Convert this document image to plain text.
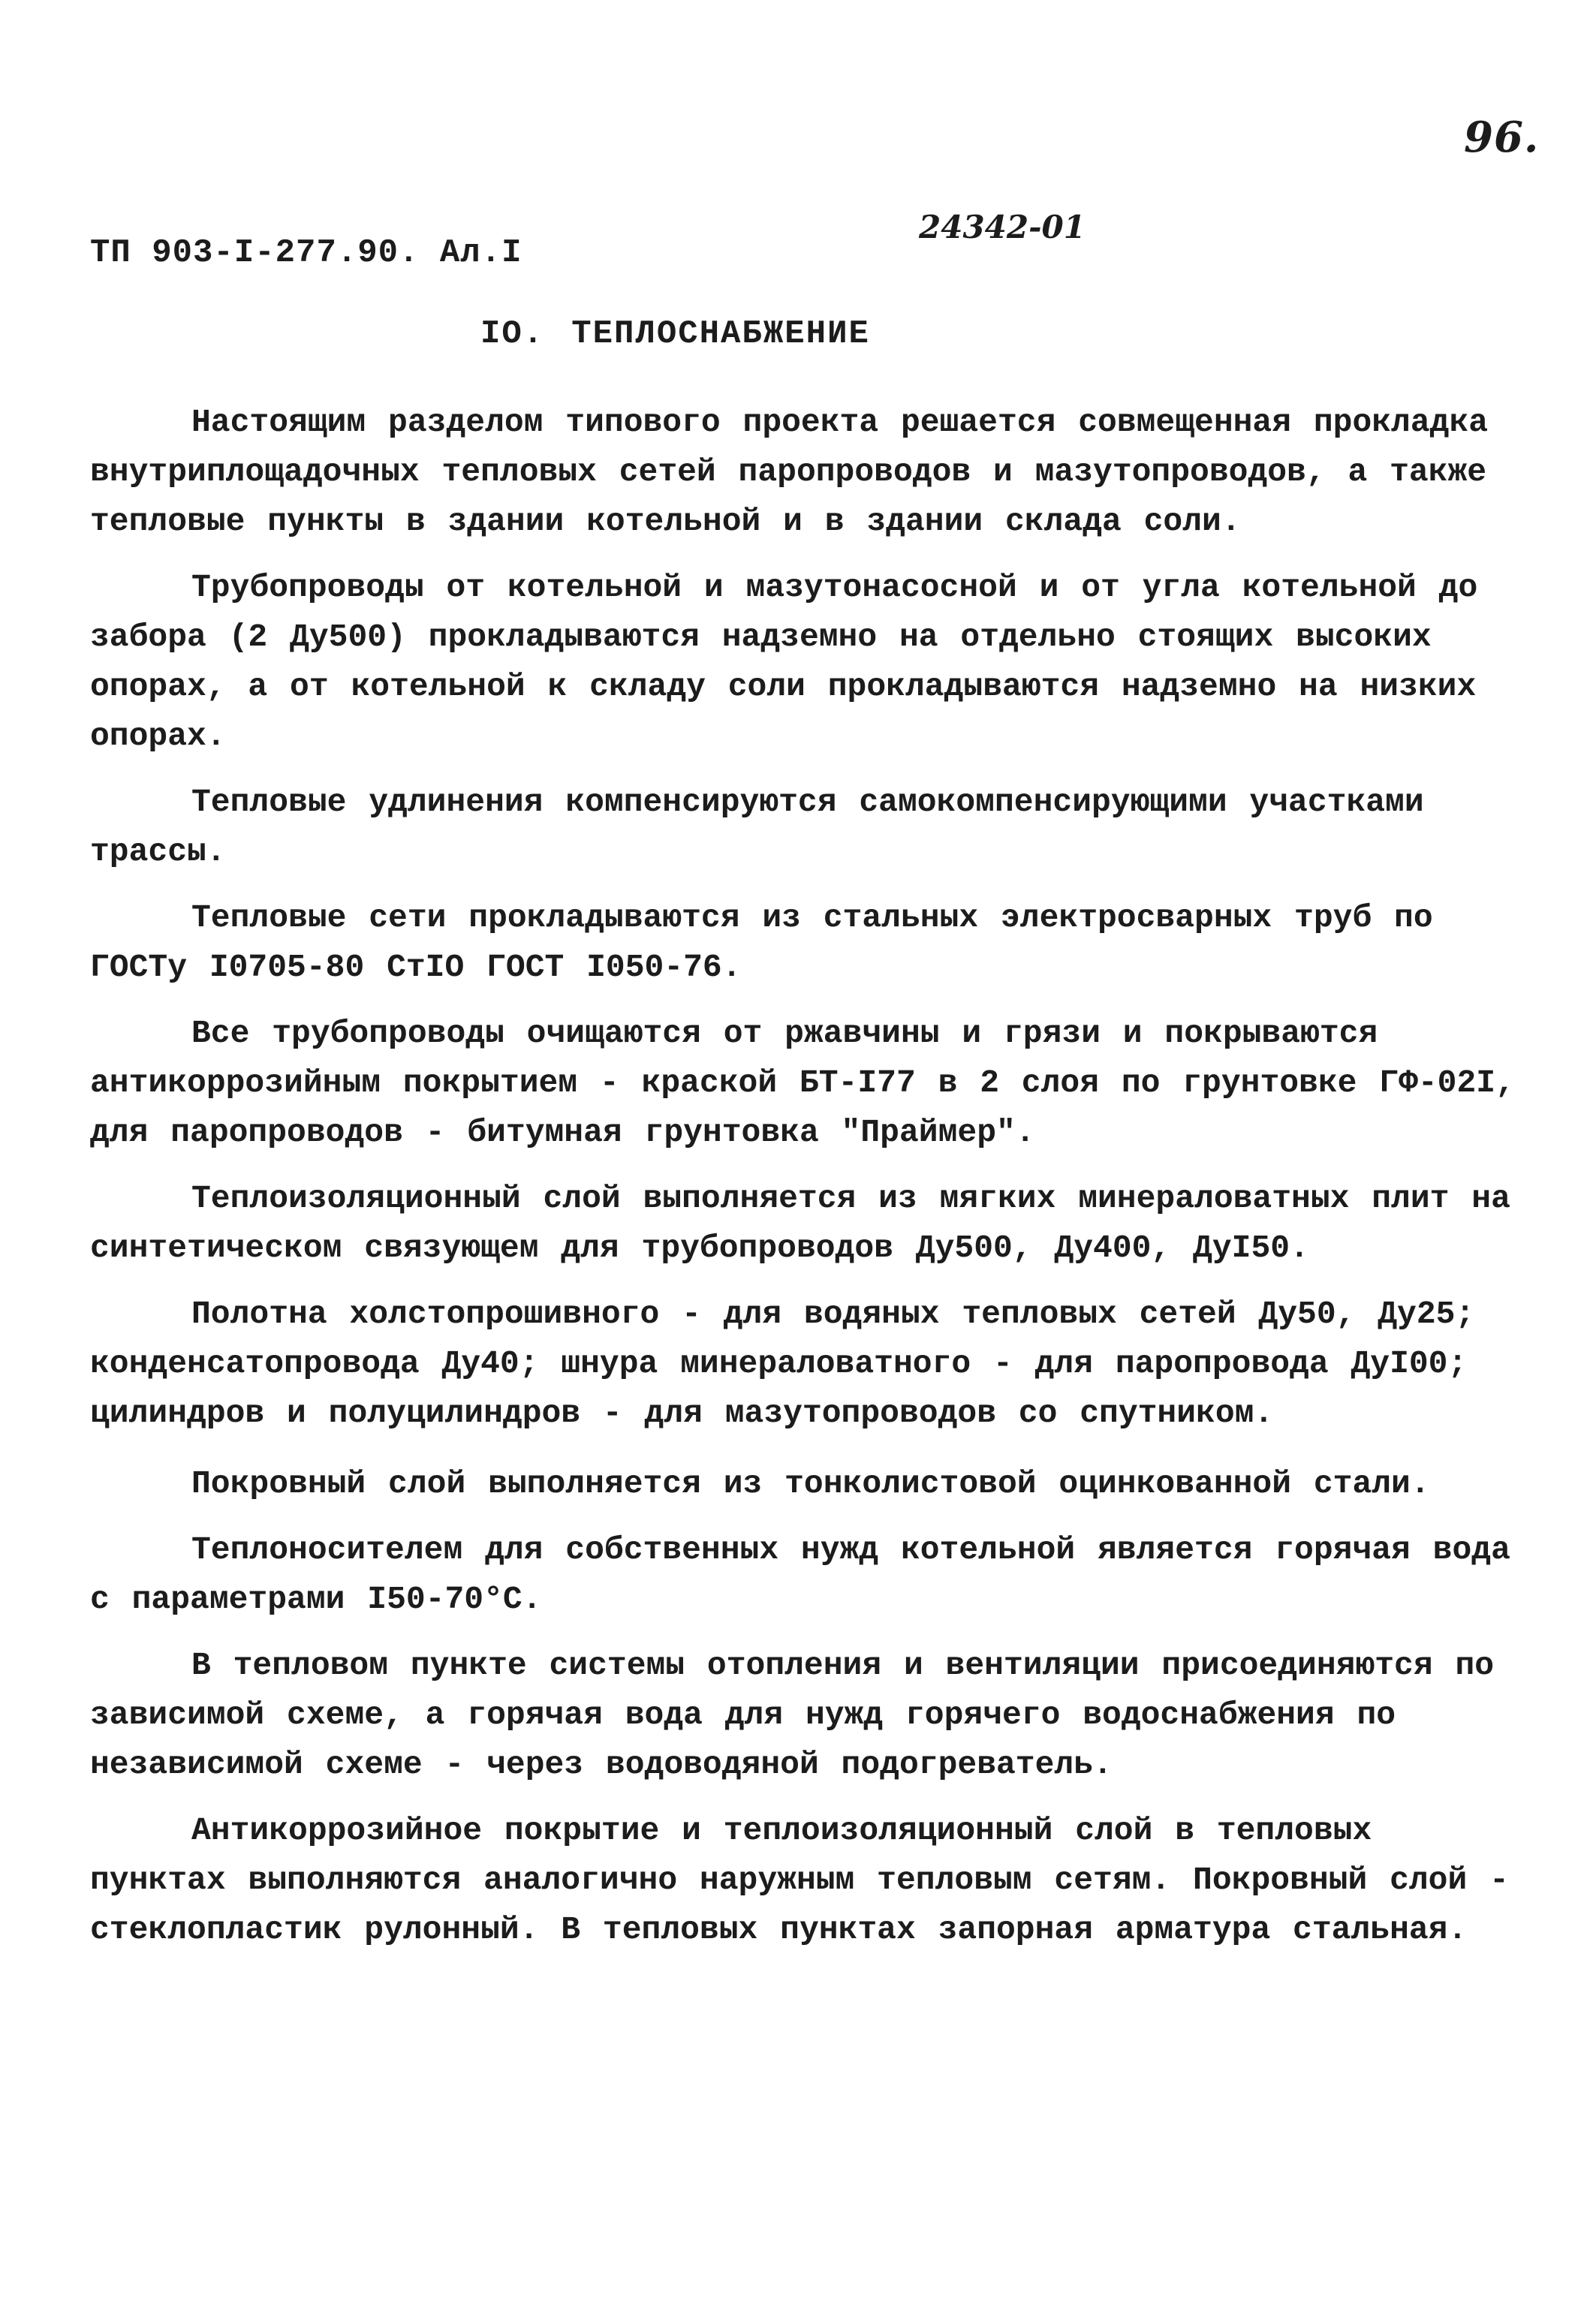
96.
ТП 903-I-277.90. Ал.I
24342-01
IO. ТЕПЛОСНАБЖЕНИЕ

Настоящим разделом типового проекта решается совмещенная прокладка внутриплощадочных тепловых сетей паропроводов и мазутопроводов, а также тепловые пункты в здании котельной и в здании склада соли.

Трубопроводы от котельной и мазутонасосной и от угла котельной до забора (2 Ду500) прокладываются надземно на отдельно стоящих высоких опорах, а от котельной к складу соли прокладываются надземно на низких опорах.

Тепловые удлинения компенсируются самокомпенсирующими участками трассы.

Тепловые сети прокладываются из стальных электросварных труб по ГОСТу I0705-80 СтIO ГОСТ I050-76.

Все трубопроводы очищаются от ржавчины и грязи и покрываются антикоррозийным покрытием - краской БТ-I77 в 2 слоя по грунтовке ГФ-02I, для паропроводов - битумная грунтовка "Праймер".

Теплоизоляционный слой выполняется из мягких минераловатных плит на синтетическом связующем для трубопроводов Ду500, Ду400, ДуI50.

Полотна холстопрошивного - для водяных тепловых сетей Ду50, Ду25; конденсатопровода Ду40; шнура минераловатного - для паропровода ДуI00; цилиндров и полуцилиндров - для мазутопроводов со спутником.

Покровный слой выполняется из тонколистовой оцинкованной стали.

Теплоносителем для собственных нужд котельной является горячая вода с параметрами I50-70°С.

В тепловом пункте системы отопления и вентиляции присоединяются по зависимой схеме, а горячая вода для нужд горячего водоснабжения по независимой схеме - через водоводяной подогреватель.

Антикоррозийное покрытие и теплоизоляционный слой в тепловых пунктах выполняются аналогично наружным тепловым сетям. Покровный слой - стеклопластик рулонный. В тепловых пунктах запорная арматура стальная.
